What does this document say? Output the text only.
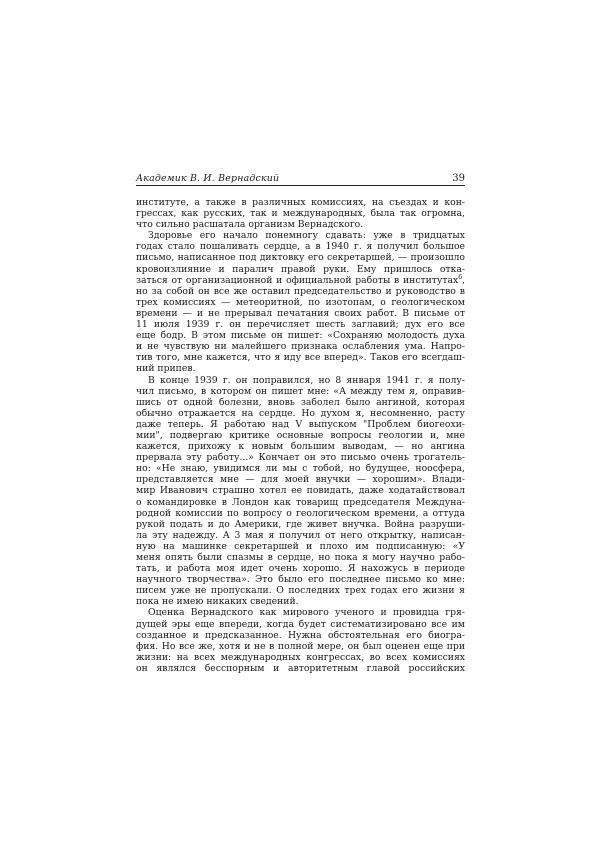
Академик В. И. Вернадский	39
институте, а также в различных комиссиях, на съездах и кон-
грессах, как русских, так и международных, была так огромна,
что сильно расшатала организм Вернадского.
Здоровье его начало понемногу сдавать: уже в тридцатых
годах стало пошаливать сердце, а в 1940 г. я получил большое
письмо, написанное под диктовку его секретаршей, — произошло
кровоизлияние и паралич правой руки. Ему пришлось отка-
заться от организационной и официальной работы в институтах$^6$,
но за собой он все же оставил председательство и руководство в
трех комиссиях — метеоритной, по изотопам, о геологическом
времени — и не прерывал печатания своих работ. В письме от
11 июля 1939 г. он перечисляет шесть заглавий; дух его все
еще бодр. В этом письме он пишет: «Сохраняю молодость духа
и не чувствую ни малейшего признака ослабления ума. Напро-
тив того, мне кажется, что я иду все вперед». Таков его всегдаш-
ний припев.
В конце 1939 г. он поправился, но 8 января 1941 г. я полу-
чил письмо, в котором он пишет мне: «А между тем я, оправив-
шись от одной болезни, вновь заболел было ангиной, которая
обычно отражается на сердце. Но духом я, несомненно, расту
даже теперь. Я работаю над V выпуском "Проблем биогеохи-
мии", подвергаю критике основные вопросы геологии и, мне
кажется, прихожу к новым большим выводам, — но ангина
прервала эту работу...» Кончает он это письмо очень трогатель-
но: «Не знаю, увидимся ли мы с тобой, но будущее, ноосфера,
представляется мне — для моей внучки — хорошим». Влади-
мир Иванович страшно хотел ее повидать, даже ходатайствовал
о командировке в Лондон как товарищ председателя Междуна-
родной комиссии по вопросу о геологическом времени, а оттуда
рукой подать и до Америки, где живет внучка. Война разруши-
ла эту надежду. А 3 мая я получил от него открытку, написан-
ную на машинке секретаршей и плохо им подписанную: «У
меня опять были спазмы в сердце, но пока я могу научно рабо-
тать, и работа моя идет очень хорошо. Я нахожусь в периоде
научного творчества». Это было его последнее письмо ко мне:
писем уже не пропускали. О последних трех годах его жизни я
пока не имею никаких сведений.
Оценка Вернадского как мирового ученого и провидца гря-
дущей эры еще впереди, когда будет систематизировано все им
созданное и предсказанное. Нужна обстоятельная его биогра-
фия. Но все же, хотя и не в полной мере, он был оценен еще при
жизни: на всех международных конгрессах, во всех комиссиях
он являлся бесспорным и авторитетным главой российских
